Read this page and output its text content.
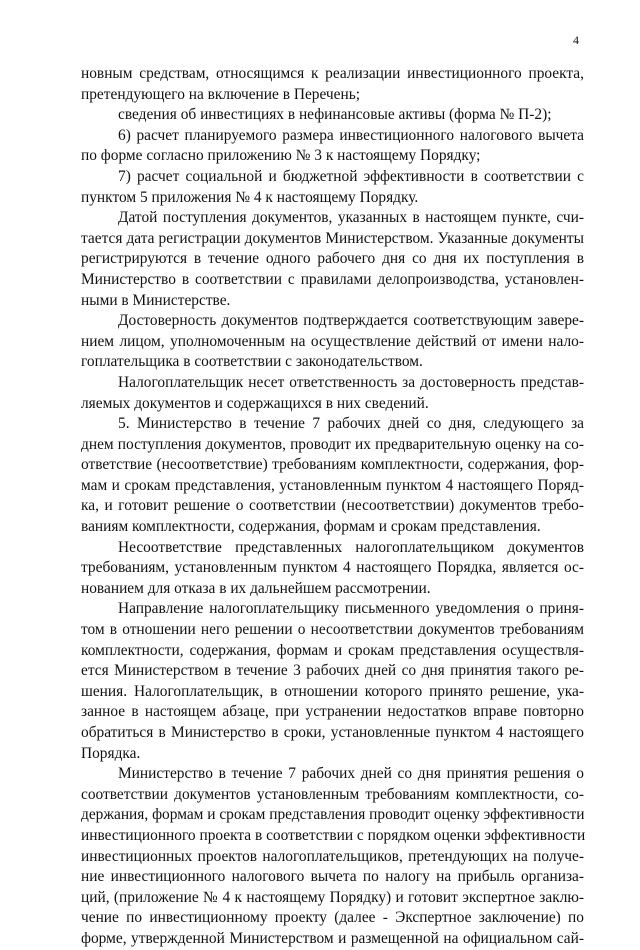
4
новным средствам, относящимся к реализации инвестиционного проекта,
претендующего на включение в Перечень;
сведения об инвестициях в нефинансовые активы (форма № П-2);
6) расчет планируемого размера инвестиционного налогового вычета
по форме согласно приложению № 3 к настоящему Порядку;
7) расчет социальной и бюджетной эффективности в соответствии с
пунктом 5 приложения № 4 к настоящему Порядку.
Датой поступления документов, указанных в настоящем пункте, счи-
тается дата регистрации документов Министерством. Указанные документы
регистрируются в течение одного рабочего дня со дня их поступления в
Министерство в соответствии с правилами делопроизводства, установлен-
ными в Министерстве.
Достоверность документов подтверждается соответствующим завере-
нием лицом, уполномоченным на осуществление действий от имени нало-
гоплательщика в соответствии с законодательством.
Налогоплательщик несет ответственность за достоверность представ-
ляемых документов и содержащихся в них сведений.
5. Министерство в течение 7 рабочих дней со дня, следующего за
днем поступления документов, проводит их предварительную оценку на со-
ответствие (несоответствие) требованиям комплектности, содержания, фор-
мам и срокам представления, установленным пунктом 4 настоящего Поряд-
ка, и готовит решение о соответствии (несоответствии) документов требо-
ваниям комплектности, содержания, формам и срокам представления.
Несоответствие представленных налогоплательщиком документов
требованиям, установленным пунктом 4 настоящего Порядка, является ос-
нованием для отказа в их дальнейшем рассмотрении.
Направление налогоплательщику письменного уведомления о приня-
том в отношении него решении о несоответствии документов требованиям
комплектности, содержания, формам и срокам представления осуществля-
ется Министерством в течение 3 рабочих дней со дня принятия такого ре-
шения. Налогоплательщик, в отношении которого принято решение, ука-
занное в настоящем абзаце, при устранении недостатков вправе повторно
обратиться в Министерство в сроки, установленные пунктом 4 настоящего
Порядка.
Министерство в течение 7 рабочих дней со дня принятия решения о
соответствии документов установленным требованиям комплектности, со-
держания, формам и срокам представления проводит оценку эффективности
инвестиционного проекта в соответствии с порядком оценки эффективности
инвестиционных проектов налогоплательщиков, претендующих на получе-
ние инвестиционного налогового вычета по налогу на прибыль организа-
ций, (приложение № 4 к настоящему Порядку) и готовит экспертное заклю-
чение по инвестиционному проекту (далее - Экспертное заключение) по
форме, утвержденной Министерством и размещенной на официальном сай-
